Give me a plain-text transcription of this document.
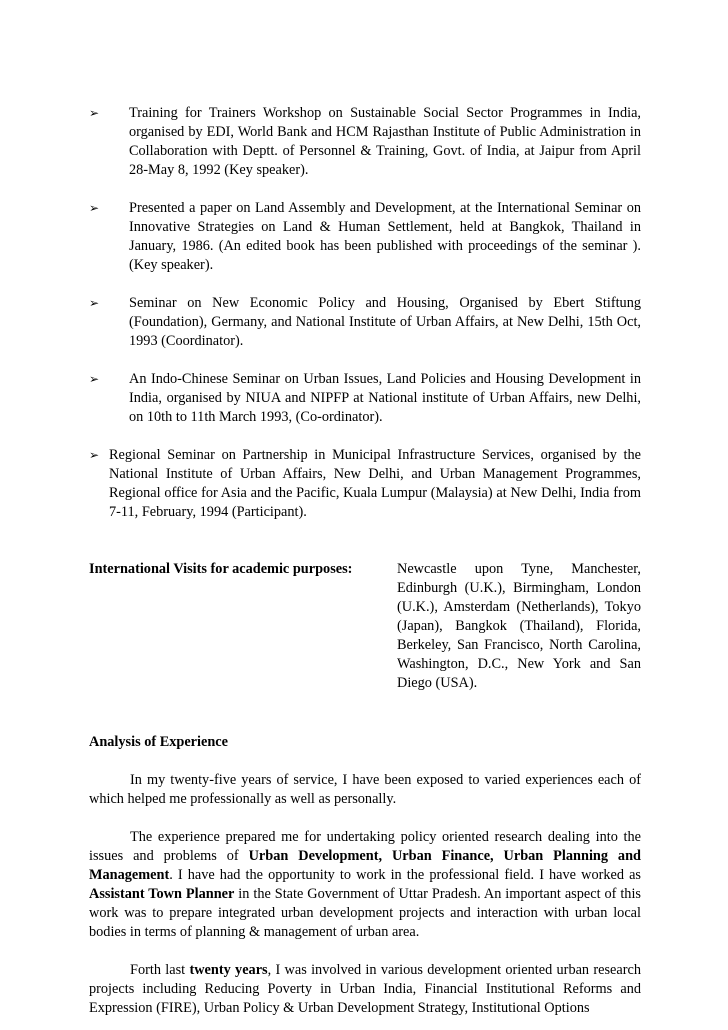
➢ Training for Trainers Workshop on Sustainable Social Sector Programmes in India, organised by EDI, World Bank and HCM Rajasthan Institute of Public Administration in Collaboration with Deptt. of Personnel & Training, Govt. of India, at Jaipur from April 28-May 8, 1992 (Key speaker).
➢ Presented a paper on Land Assembly and Development, at the International Seminar on Innovative Strategies on Land & Human Settlement, held at Bangkok, Thailand in January, 1986. (An edited book has been published with proceedings of the seminar ). (Key speaker).
➢ Seminar on New Economic Policy and Housing, Organised by Ebert Stiftung (Foundation), Germany, and National Institute of Urban Affairs, at New Delhi, 15th Oct, 1993 (Coordinator).
➢ An Indo-Chinese Seminar on Urban Issues, Land Policies and Housing Development in India, organised by NIUA and NIPFP at National institute of Urban Affairs, new Delhi, on 10th to 11th March 1993, (Co-ordinator).
➢ Regional Seminar on Partnership in Municipal Infrastructure Services, organised by the National Institute of Urban Affairs, New Delhi, and Urban Management Programmes, Regional office for Asia and the Pacific, Kuala Lumpur (Malaysia) at New Delhi, India from 7-11, February, 1994 (Participant).
International Visits for academic purposes:	Newcastle upon Tyne, Manchester, Edinburgh (U.K.), Birmingham, London (U.K.), Amsterdam (Netherlands), Tokyo (Japan), Bangkok (Thailand), Florida, Berkeley, San Francisco, North Carolina, Washington, D.C., New York and San Diego (USA).
Analysis of Experience
In my twenty-five years of service, I have been exposed to varied experiences each of which helped me professionally as well as personally.
The experience prepared me for undertaking policy oriented research dealing into the issues and problems of Urban Development, Urban Finance, Urban Planning and Management. I have had the opportunity to work in the professional field. I have worked as Assistant Town Planner in the State Government of Uttar Pradesh. An important aspect of this work was to prepare integrated urban development projects and interaction with urban local bodies in terms of planning & management of urban area.
Forth last twenty years, I was involved in various development oriented urban research projects including Reducing Poverty in Urban India, Financial Institutional Reforms and Expression (FIRE), Urban Policy & Urban Development Strategy, Institutional Options
